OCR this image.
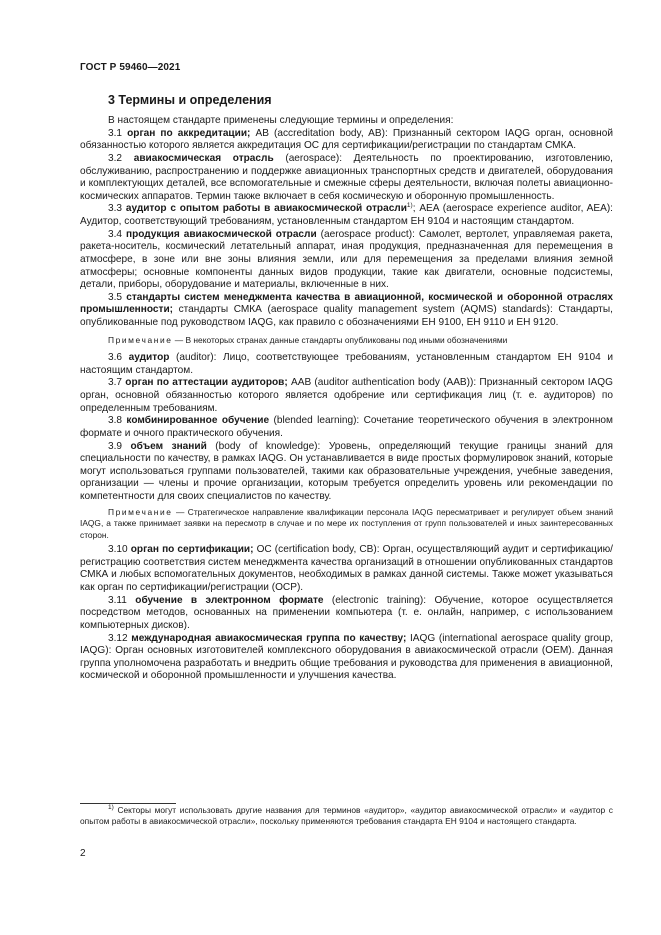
ГОСТ Р 59460—2021
3 Термины и определения

В настоящем стандарте применены следующие термины и определения:

3.1 орган по аккредитации; AB (accreditation body, AB): Признанный сектором IAQG орган, основной обязанностью которого является аккредитация ОС для сертификации/регистрации по стандартам СМКА.

3.2 авиакосмическая отрасль (aerospace): Деятельность по проектированию, изготовлению, обслуживанию, распространению и поддержке авиационных транспортных средств и двигателей, оборудования и комплектующих деталей, все вспомогательные и смежные сферы деятельности, включая полеты авиационно-космических аппаратов. Термин также включает в себя космическую и оборонную промышленность.

3.3 аудитор с опытом работы в авиакосмической отрасли$^{1)}$; AEA (aerospace experience auditor, AEA): Аудитор, соответствующий требованиям, установленным стандартом ЕН 9104 и настоящим стандартом.

3.4 продукция авиакосмической отрасли (aerospace product): Самолет, вертолет, управляемая ракета, ракета-носитель, космический летательный аппарат, иная продукция, предназначенная для перемещения в атмосфере, в зоне или вне зоны влияния земли, или для перемещения за пределами влияния земной атмосферы; основные компоненты данных видов продукции, такие как двигатели, основные подсистемы, детали, приборы, оборудование и материалы, включенные в них.

3.5 стандарты систем менеджмента качества в авиационной, космической и оборонной отраслях промышленности; стандарты СМКА (aerospace quality management system (AQMS) standards): Стандарты, опубликованные под руководством IAQG, как правило с обозначениями ЕН 9100, ЕН 9110 и ЕН 9120.

Примечание — В некоторых странах данные стандарты опубликованы под иными обозначениями

3.6 аудитор (auditor): Лицо, соответствующее требованиям, установленным стандартом ЕН 9104 и настоящим стандартом.

3.7 орган по аттестации аудиторов; AAB (auditor authentication body (AAB)): Признанный сектором IAQG орган, основной обязанностью которого является одобрение или сертификация лиц (т. е. аудиторов) по определенным требованиям.

3.8 комбинированное обучение (blended learning): Сочетание теоретического обучения в электронном формате и очного практического обучения.

3.9 объем знаний (body of knowledge): Уровень, определяющий текущие границы знаний для специальности по качеству, в рамках IAQG. Он устанавливается в виде простых формулировок знаний, которые могут использоваться группами пользователей, такими как образовательные учреждения, учебные заведения, организации — члены и прочие организации, которым требуется определить уровень или рекомендации по компетентности для своих специалистов по качеству.

Примечание — Стратегическое направление квалификации персонала IAQG пересматривает и регулирует объем знаний IAQG, а также принимает заявки на пересмотр в случае и по мере их поступления от групп пользователей и иных заинтересованных сторон.

3.10 орган по сертификации; ОС (certification body, CB): Орган, осуществляющий аудит и сертификацию/регистрацию соответствия систем менеджмента качества организаций в отношении опубликованных стандартов СМКА и любых вспомогательных документов, необходимых в рамках данной системы. Также может указываться как орган по сертификации/регистрации (ОСР).

3.11 обучение в электронном формате (electronic training): Обучение, которое осуществляется посредством методов, основанных на применении компьютера (т. е. онлайн, например, с использованием компьютерных дисков).

3.12 международная авиакосмическая группа по качеству; IAQG (international aerospace quality group, IAQG): Орган основных изготовителей комплексного оборудования в авиакосмической отрасли (OEM). Данная группа уполномочена разработать и внедрить общие требования и руководства для применения в авиационной, космической и оборонной промышленности и улучшения качества.

$^{1)}$ Секторы могут использовать другие названия для терминов «аудитор», «аудитор авиакосмической отрасли» и «аудитор с опытом работы в авиакосмической отрасли», поскольку применяются требования стандарта ЕН 9104 и настоящего стандарта.

2
